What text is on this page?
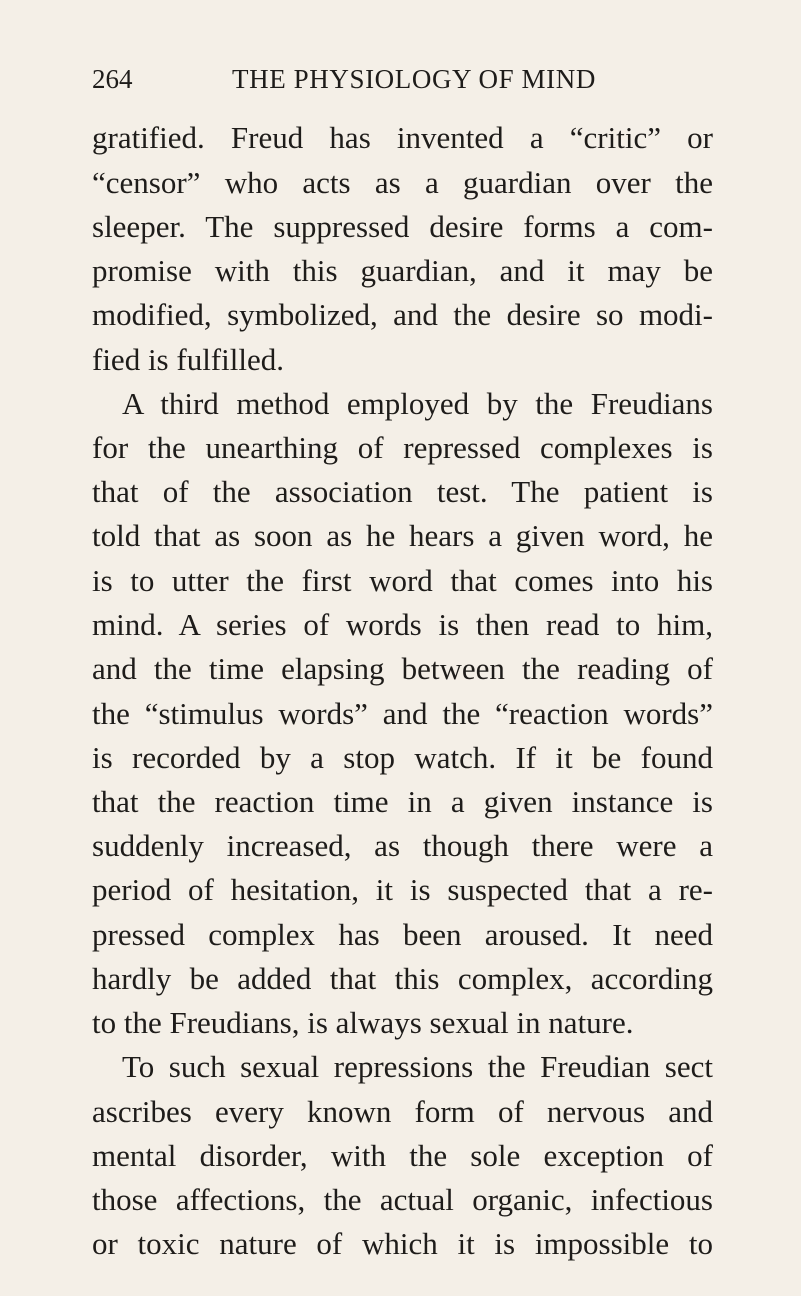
264	THE PHYSIOLOGY OF MIND
gratified. Freud has invented a “critic” or
“censor” who acts as a guardian over the
sleeper. The suppressed desire forms a com-
promise with this guardian, and it may be
modified, symbolized, and the desire so modi-
fied is fulfilled.
A third method employed by the Freudians
for the unearthing of repressed complexes is
that of the association test. The patient is
told that as soon as he hears a given word, he
is to utter the first word that comes into his
mind. A series of words is then read to him,
and the time elapsing between the reading of
the “stimulus words” and the “reaction words”
is recorded by a stop watch. If it be found
that the reaction time in a given instance is
suddenly increased, as though there were a
period of hesitation, it is suspected that a re-
pressed complex has been aroused. It need
hardly be added that this complex, according
to the Freudians, is always sexual in nature.
To such sexual repressions the Freudian sect
ascribes every known form of nervous and
mental disorder, with the sole exception of
those affections, the actual organic, infectious
or toxic nature of which it is impossible to
